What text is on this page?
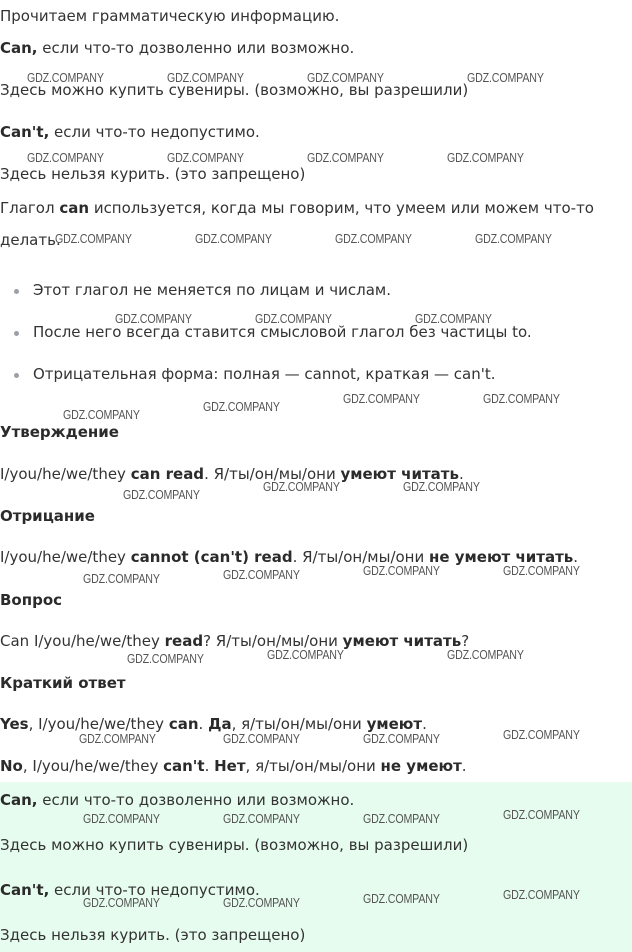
Прочитаем грамматическую информацию.
Can, если что-то дозволенно или возможно.
Здесь можно купить сувениры. (возможно, вы разрешили)
Can't, если что-то недопустимо.
Здесь нельзя курить. (это запрещено)
Глагол can используется, когда мы говорим, что умеем или можем что-то
делать.
Этот глагол не меняется по лицам и числам.
После него всегда ставится смысловой глагол без частицы to.
Отрицательная форма: полная — cannot, краткая — can't.
Утверждение
I/you/he/we/they can read. Я/ты/он/мы/они умеют читать.
Отрицание
I/you/he/we/they cannot (can't) read. Я/ты/он/мы/они не умеют читать.
Вопрос
Can I/you/he/we/they read? Я/ты/он/мы/они умеют читать?
Краткий ответ
Yes, I/you/he/we/they can. Да, я/ты/он/мы/они умеют.
No, I/you/he/we/they can't. Нет, я/ты/он/мы/они не умеют.
Can, если что-то дозволенно или возможно.
Здесь можно купить сувениры. (возможно, вы разрешили)
Can't, если что-то недопустимо.
Здесь нельзя курить. (это запрещено)
GDZ.COMPANY	GDZ.COMPANY	GDZ.COMPANY	GDZ.COMPANY
GDZ.COMPANY	GDZ.COMPANY	GDZ.COMPANY	GDZ.COMPANY
GDZ.COMPANY	GDZ.COMPANY	GDZ.COMPANY	GDZ.COMPANY
GDZ.COMPANY	GDZ.COMPANY	GDZ.COMPANY
GDZ.COMPANY
GDZ.COMPANY
GDZ.COMPANY	GDZ.COMPANY
GDZ.COMPANY
GDZ.COMPANY	GDZ.COMPANY
GDZ.COMPANY	GDZ.COMPANY	GDZ.COMPANY	GDZ.COMPANY
GDZ.COMPANY	GDZ.COMPANY	GDZ.COMPANY
GDZ.COMPANY	GDZ.COMPANY	GDZ.COMPANY	GDZ.COMPANY
GDZ.COMPANY	GDZ.COMPANY	GDZ.COMPANY	GDZ.COMPANY
GDZ.COMPANY	GDZ.COMPANY	GDZ.COMPANY	GDZ.COMPANY
